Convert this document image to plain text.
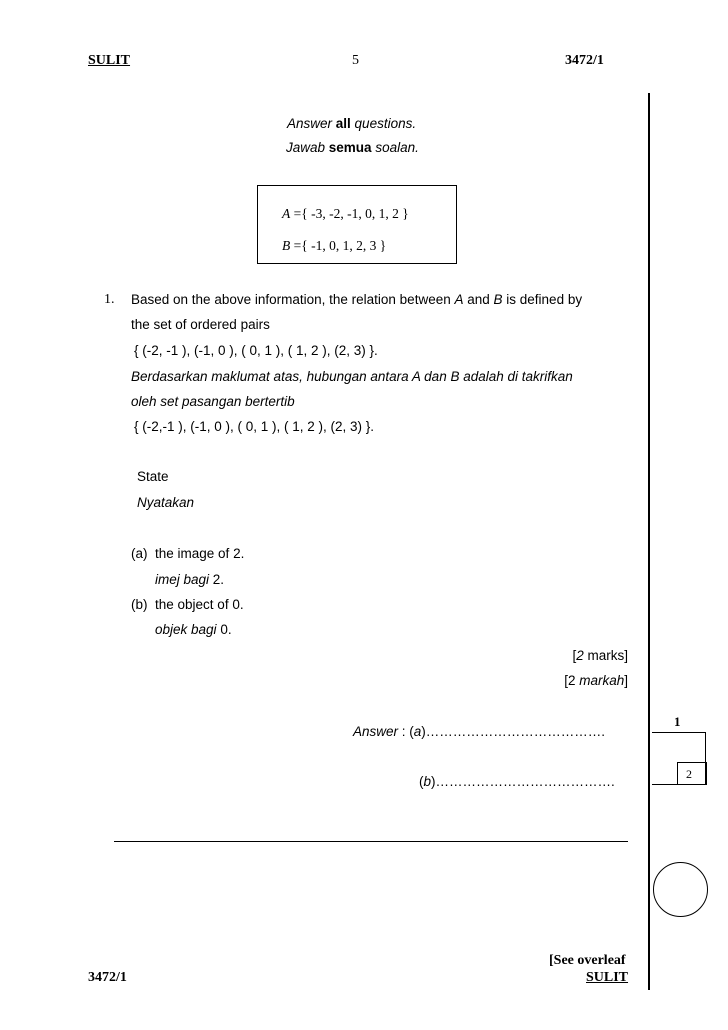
SULIT	5	3472/1
Answer all questions.
Jawab semua soalan.
A ={ -3, -2, -1, 0, 1, 2 }
B ={ -1, 0, 1, 2, 3 }
1. Based on the above information, the relation between A and B is defined by
the set of ordered pairs
{ (-2, -1 ), (-1, 0 ), ( 0, 1 ), ( 1, 2 ), (2, 3) }.
Berdasarkan maklumat atas, hubungan antara A dan B adalah di takrifkan
oleh set pasangan bertertib
{ (-2,-1 ), (-1, 0 ), ( 0, 1 ), ( 1, 2 ), (2, 3) }.
State
Nyatakan
(a) the image of 2.
imej bagi 2.
(b) the object of 0.
objek bagi 0.
[2 marks]
[2 markah]
Answer : (a)………………………………….
(b)………………………………….
1
2
[See overleaf
3472/1	SULIT
